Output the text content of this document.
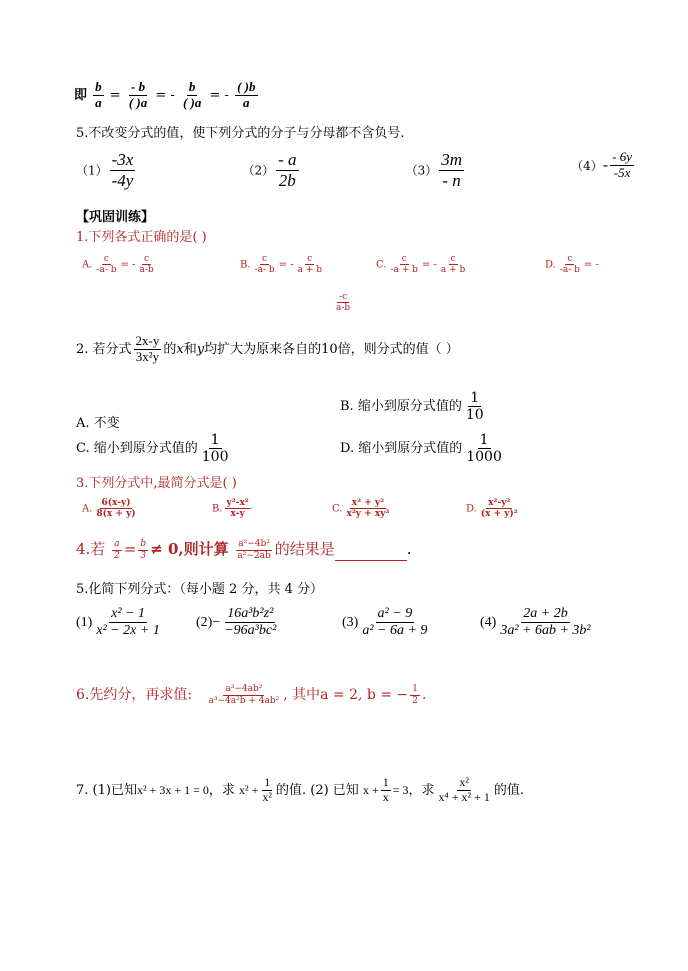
即 $\frac{b}{a} = \frac{- b}{( )a}$ = - $\frac{b}{( )a}$ = - $\frac{( )b}{a}$
5.不改变分式的值，使下列分式的分子与分母都不含负号.
$(1) \frac{-3x}{-4y}$	$(2) \frac{- a}{2b}$	$(3) \frac{3m}{- n}$	$(4)- \frac{- 6y}{-5x}$
【巩固训练】
1.下列各式正确的是( )
A. $\frac{c}{-a- b}$ = - $\frac{c}{a-b}$	B. $\frac{c}{-a- b}$ = - $\frac{c}{a + b}$	C. $\frac{c}{-a + b}$ = - $\frac{c}{a + b}$	D. $\frac{c}{-a- b}$ = -
$\frac{-c}{a-b}$
2. 若分式 $\frac{2x-y}{\text{3x²y}}$ 的x和y均扩大为原来各自的10倍，则分式的值（ ）
A. 不变
B. 缩小到原分式值的 $\frac{1}{10}$
C. 缩小到原分式值的 $\frac{1}{100}$	D. 缩小到原分式值的 $\frac{1}{1000}$
3.下列分式中,最简分式是( )
A. $\frac{6(x-y)}{8(x + y)}$	B. $\frac{\text{y²-x²}}{x-y}$	C. $\frac{\text{x² + y²}}{\text{x²y + xy²}}$	D. $\frac{\text{x²-y²}}{\text{(x + y)²}}$
4.若 $\frac{a}{2} = \frac{b}{3} \ne 0$,则计算 $\frac{\text{a²−4b²}}{\text{a²−2ab}}$ 的结果是	.
5.化简下列分式：（每小题 2 分，共 4 分）
$(1) \frac{\text{x² − 1}}{\text{x² − 2x + 1}} (2)- \frac{\text{16a³b²z²}}{\text{−96a³bc²}}$	$(3) \frac{\text{a² − 9}}{\text{a² − 6a + 9}}$	$(4) \frac{2a + 2b}{\text{3a² + 6ab + 3b²}}$
6.先约分，再求值: $\frac{\text{a³−4ab²}}{\text{a³−4a²b + 4ab²}}$ , 其中a = 2, b = − $\frac{1}{2}$ .
7. (1)已知x² + 3x + 1 = 0，求 $x^2 + \frac{1}{\text{x²}}$ 的值. (2) 已知 $x + \frac{1}{x} = 3$，求 $\frac{\text{x²}}{\text{x⁴ + x² + 1}}$ 的值.
